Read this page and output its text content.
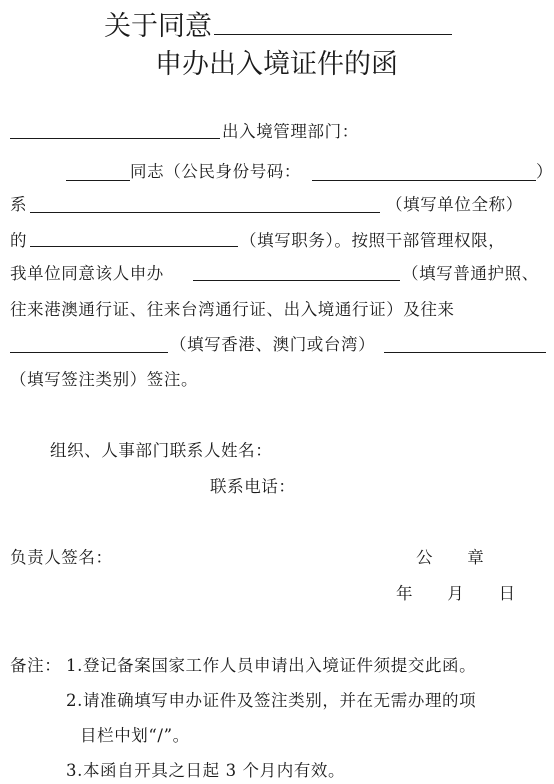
关于同意
申办出入境证件的函
出入境管理部门：
同志（公民身份号码：	）
系	（填写单位全称）
的	（填写职务）。按照干部管理权限，
我单位同意该人申办	（填写普通护照、
往来港澳通行证、往来台湾通行证、出入境通行证）及往来
（填写香港、澳门或台湾）
（填写签注类别）签注。
组织、人事部门联系人姓名：
联系电话：
负责人签名：	公　　章
年　　月　　日
备注： 1.登记备案国家工作人员申请出入境证件须提交此函。
2.请准确填写申办证件及签注类别，并在无需办理的项
目栏中划“/”。
3.本函自开具之日起 3 个月内有效。
